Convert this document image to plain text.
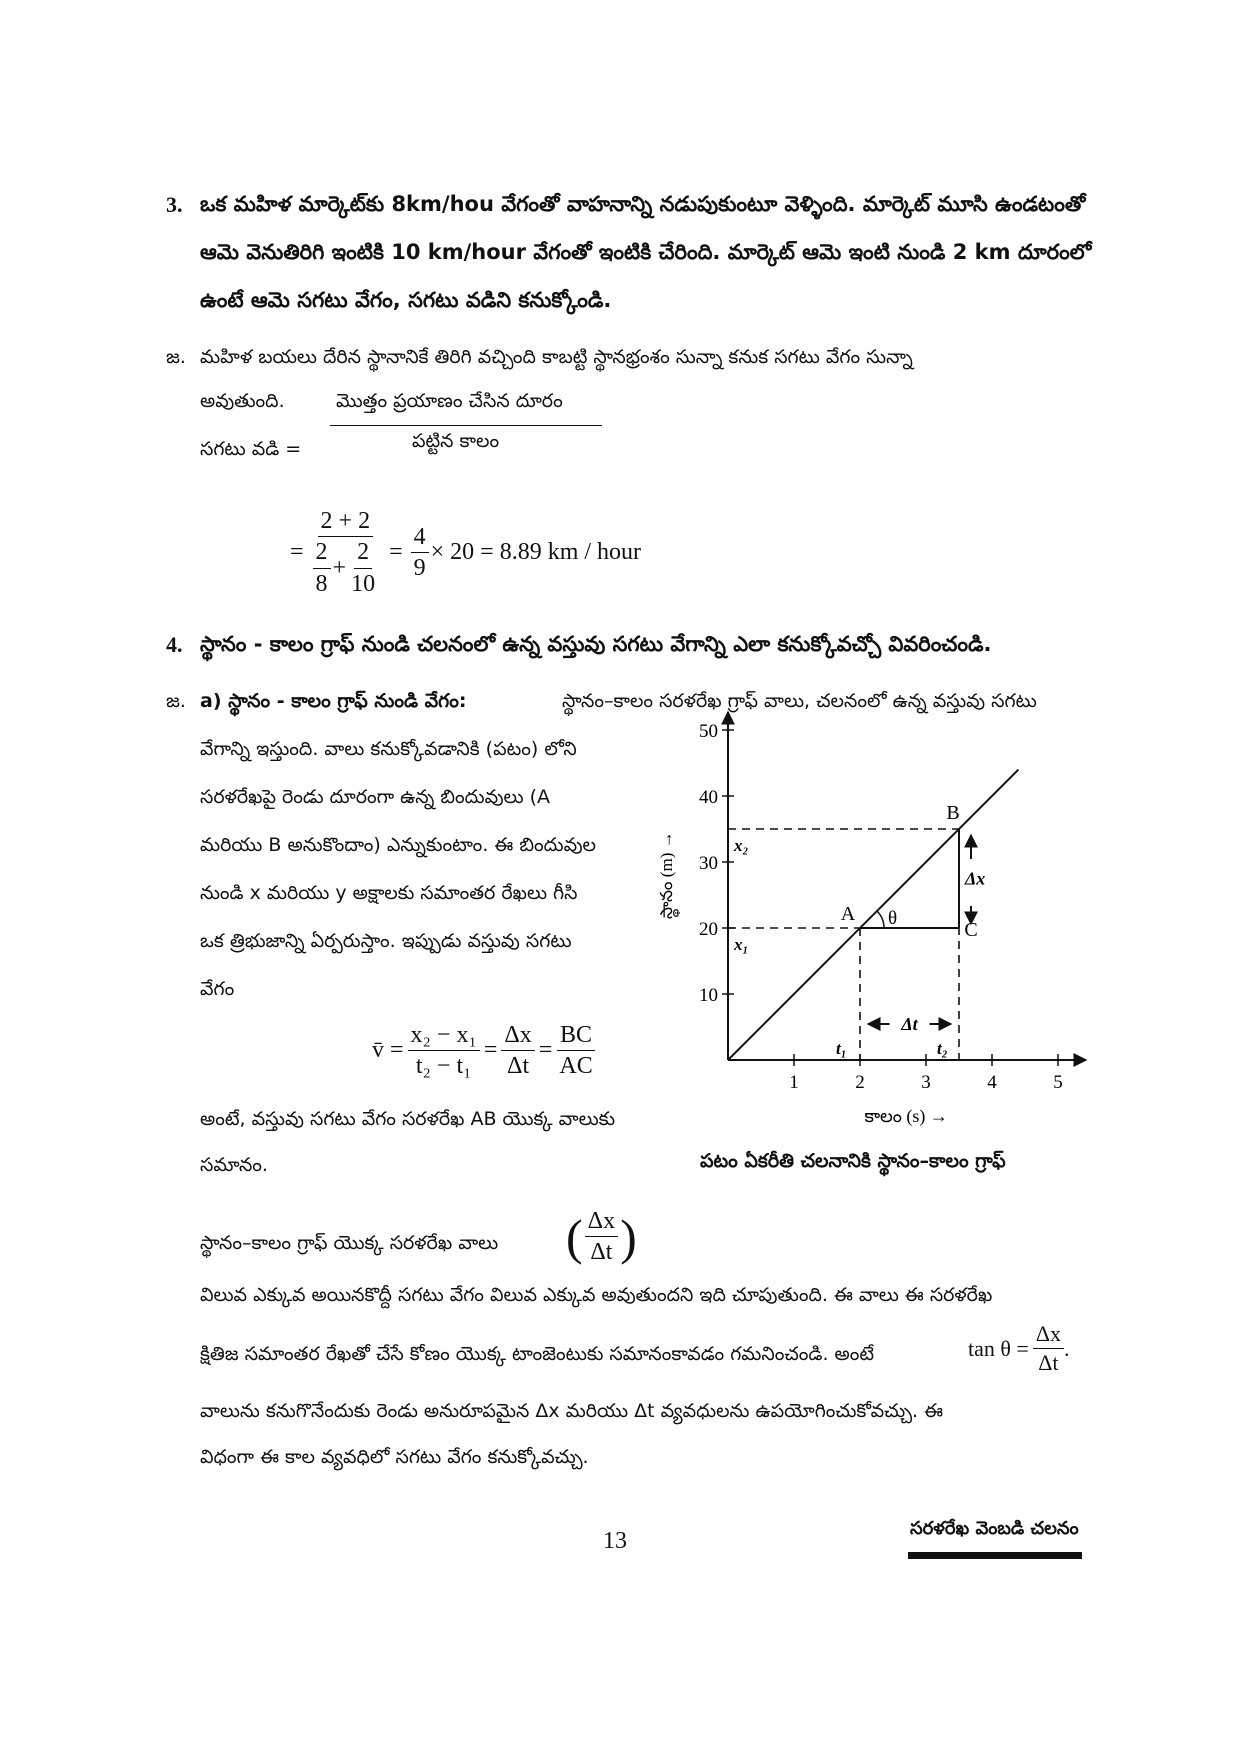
3. ఒక మహిళ మార్కెట్‌కు 8km/hou వేగంతో వాహనాన్ని నడుపుకుంటూ వెళ్ళింది. మార్కెట్ మూసి ఉండటంతో
ఆమె వెనుతిరిగి ఇంటికి 10 km/hour వేగంతో ఇంటికి చేరింది. మార్కెట్ ఆమె ఇంటి నుండి 2 km దూరంలో
ఉంటే ఆమె సగటు వేగం, సగటు వడిని కనుక్కోండి.
జ. మహిళ బయలు దేరిన స్థానానికే తిరిగి వచ్చింది కాబట్టి స్థానభ్రంశం సున్నా కనుక సగటు వేగం సున్నా
అవుతుంది.	మొత్తం ప్రయాణం చేసిన దూరం
సగటు వడి =	పట్టిన కాలం
=
2 + 2
$\frac{2}{8} + \frac{2}{10} = \frac{4}{9} \times 20 = 8.89$ km / hour
4. స్థానం - కాలం గ్రాఫ్ నుండి చలనంలో ఉన్న వస్తువు సగటు వేగాన్ని ఎలా కనుక్కోవచ్చో వివరించండి.
జ. a) స్థానం - కాలం గ్రాఫ్ నుండి వేగం:	స్థానం–కాలం సరళరేఖ గ్రాఫ్ వాలు, చలనంలో ఉన్న వస్తువు సగటు
వేగాన్ని ఇస్తుంది. వాలు కనుక్కోవడానికి (పటం) లోని
సరళరేఖపై రెండు దూరంగా ఉన్న బిందువులు (A
మరియు B అనుకొందాం) ఎన్నుకుంటాం. ఈ బిందువుల
నుండి x మరియు y అక్షాలకు సమాంతర రేఖలు గీసి
ఒక త్రిభుజాన్ని ఏర్పరుస్తాం. ఇప్పుడు వస్తువు సగటు
వేగం
v̄ = $\frac{\text{x₂ − x₁}}{\text{t₂ − t₁}} = \frac{\Delta x}{\Delta t} = \frac{BC}{AC}$
అంటే, వస్తువు సగటు వేగం సరళరేఖ AB యొక్క వాలుకు
సమానం.
1	2	3	4	5
10
20
30
40
50
A
B
C
x₂
x₁
t₁	t₂
Δx
Δt
θ
కాలం (s) →
స్థానం (m) →
పటం ఏకరీతి చలనానికి స్థానం–కాలం గ్రాఫ్
స్థానం–కాలం గ్రాఫ్ యొక్క సరళరేఖ వాలు ( $\frac{\Delta x}{\Delta t}$ )
విలువ ఎక్కువ అయినకొద్దీ సగటు వేగం విలువ ఎక్కువ అవుతుందని ఇది చూపుతుంది. ఈ వాలు ఈ సరళరేఖ
క్షితిజ సమాంతర రేఖతో చేసే కోణం యొక్క టాంజెంటుకు సమానంకావడం గమనించండి. అంటే	$\tan \theta = \frac{\Delta x}{\Delta t}$ .
వాలును కనుగొనేందుకు రెండు అనురూపమైన Δx మరియు Δt వ్యవధులను ఉపయోగించుకోవచ్చు. ఈ
విధంగా ఈ కాల వ్యవధిలో సగటు వేగం కనుక్కోవచ్చు.
13	సరళరేఖ వెంబడి చలనం
